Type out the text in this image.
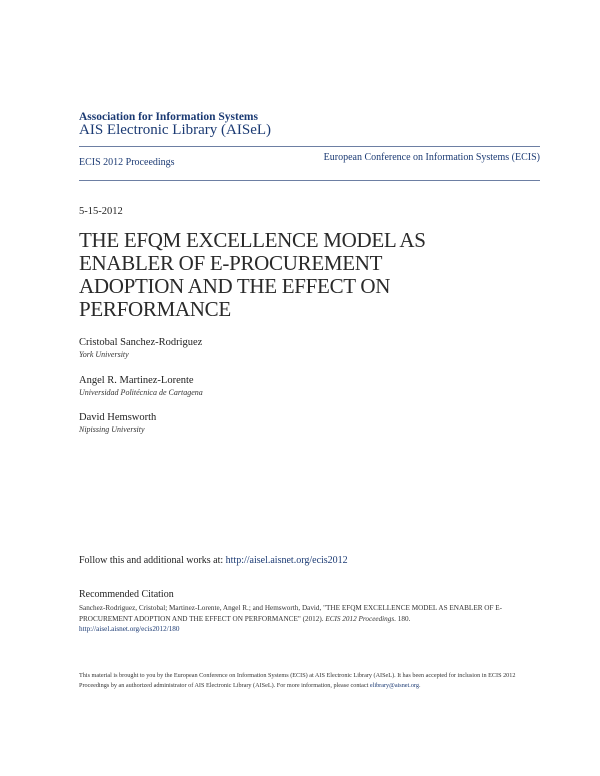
Association for Information Systems
AIS Electronic Library (AISeL)
ECIS 2012 Proceedings	European Conference on Information Systems (ECIS)
5-15-2012
THE EFQM EXCELLENCE MODEL AS ENABLER OF E-PROCUREMENT ADOPTION AND THE EFFECT ON PERFORMANCE
Cristobal Sanchez-Rodriguez
York University
Angel R. Martinez-Lorente
Universidad Politécnica de Cartagena
David Hemsworth
Nipissing University
Follow this and additional works at: http://aisel.aisnet.org/ecis2012
Recommended Citation
Sanchez-Rodriguez, Cristobal; Martinez-Lorente, Angel R.; and Hemsworth, David, "THE EFQM EXCELLENCE MODEL AS ENABLER OF E-PROCUREMENT ADOPTION AND THE EFFECT ON PERFORMANCE" (2012). ECIS 2012 Proceedings. 180.
http://aisel.aisnet.org/ecis2012/180
This material is brought to you by the European Conference on Information Systems (ECIS) at AIS Electronic Library (AISeL). It has been accepted for inclusion in ECIS 2012 Proceedings by an authorized administrator of AIS Electronic Library (AISeL). For more information, please contact elibrary@aisnet.org.
